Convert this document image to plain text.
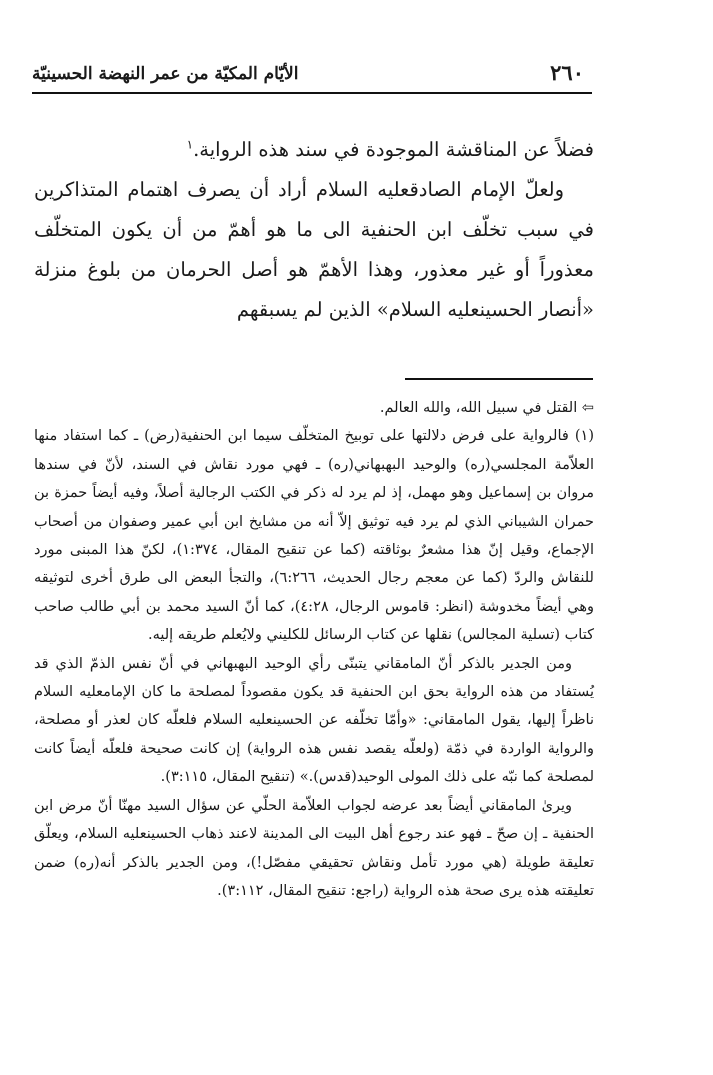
٢٦٠
الأيّام المكيّة من عمر النهضة الحسينيّة

فضلاً عن المناقشة الموجودة في سند هذه الرواية.$^١$

ولعلّ الإمام الصادقعليه السلام أراد أن يصرف اهتمام المتذاكرين في سبب تخلّف ابن الحنفية الى ما هو أهمّ من أن يكون المتخلّف معذوراً أو غير معذور، وهذا الأهمّ هو أصل الحرمان من بلوغ منزلة «أنصار الحسينعليه السلام» الذين لم يسبقهم

⇦ القتل في سبيل الله، والله العالم.

(١) فالرواية على فرض دلالتها على توبيخ المتخلّف سيما ابن الحنفية(رض) ـ كما استفاد منها العلاّمة المجلسي(ره) والوحيد البهبهاني(ره) ـ فهي مورد نقاش في السند، لأنّ في سندها مروان بن إسماعيل وهو مهمل، إذ لم يرد له ذكر في الكتب الرجالية أصلاً، وفيه أيضاً حمزة بن حمران الشيباني الذي لم يرد فيه توثيق إلاّ أنه من مشايخ ابن أبي عمير وصفوان من أصحاب الإجماع، وقيل إنّ هذا مشعرٌ بوثاقته (كما عن تنقيح المقال، ١:٣٧٤)، لكنّ هذا المبنى مورد للنقاش والردّ (كما عن معجم رجال الحديث، ٦:٢٦٦)، والتجأ البعض الى طرق أخرى لتوثيقه وهي أيضاً مخدوشة (انظر: قاموس الرجال، ٤:٢٨)، كما أنّ السيد محمد بن أبي طالب صاحب كتاب (تسلية المجالس) نقلها عن كتاب الرسائل للكليني ولايُعلم طريقه إليه.

ومن الجدير بالذكر أنّ المامقاني يتبنّى رأي الوحيد البهبهاني في أنّ نفس الذمّ الذي قد يُستفاد من هذه الرواية بحق ابن الحنفية قد يكون مقصوداً لمصلحة ما كان الإمامعليه السلام ناظراً إليها، يقول المامقاني: «وأمّا تخلّفه عن الحسينعليه السلام فلعلّه كان لعذر أو مصلحة، والرواية الواردة في ذمّة (ولعلّه يقصد نفس هذه الرواية) إن كانت صحيحة فلعلّه أيضاً كانت لمصلحة كما نبّه على ذلك المولى الوحيد(قدس).» (تنقيح المقال، ٣:١١٥).

ويرىٰ المامقاني أيضاً بعد عرضه لجواب العلاّمة الحلّي عن سؤال السيد مهنّا أنّ مرض ابن الحنفية ـ إن صحّ ـ فهو عند رجوع أهل البيت الى المدينة لاعند ذهاب الحسينعليه السلام، ويعلّق تعليقة طويلة (هي مورد تأمل ونقاش تحقيقي مفصّل!)، ومن الجدير بالذكر أنه(ره) ضمن تعليقته هذه يرى صحة هذه الرواية (راجع: تنقيح المقال، ٣:١١٢).
